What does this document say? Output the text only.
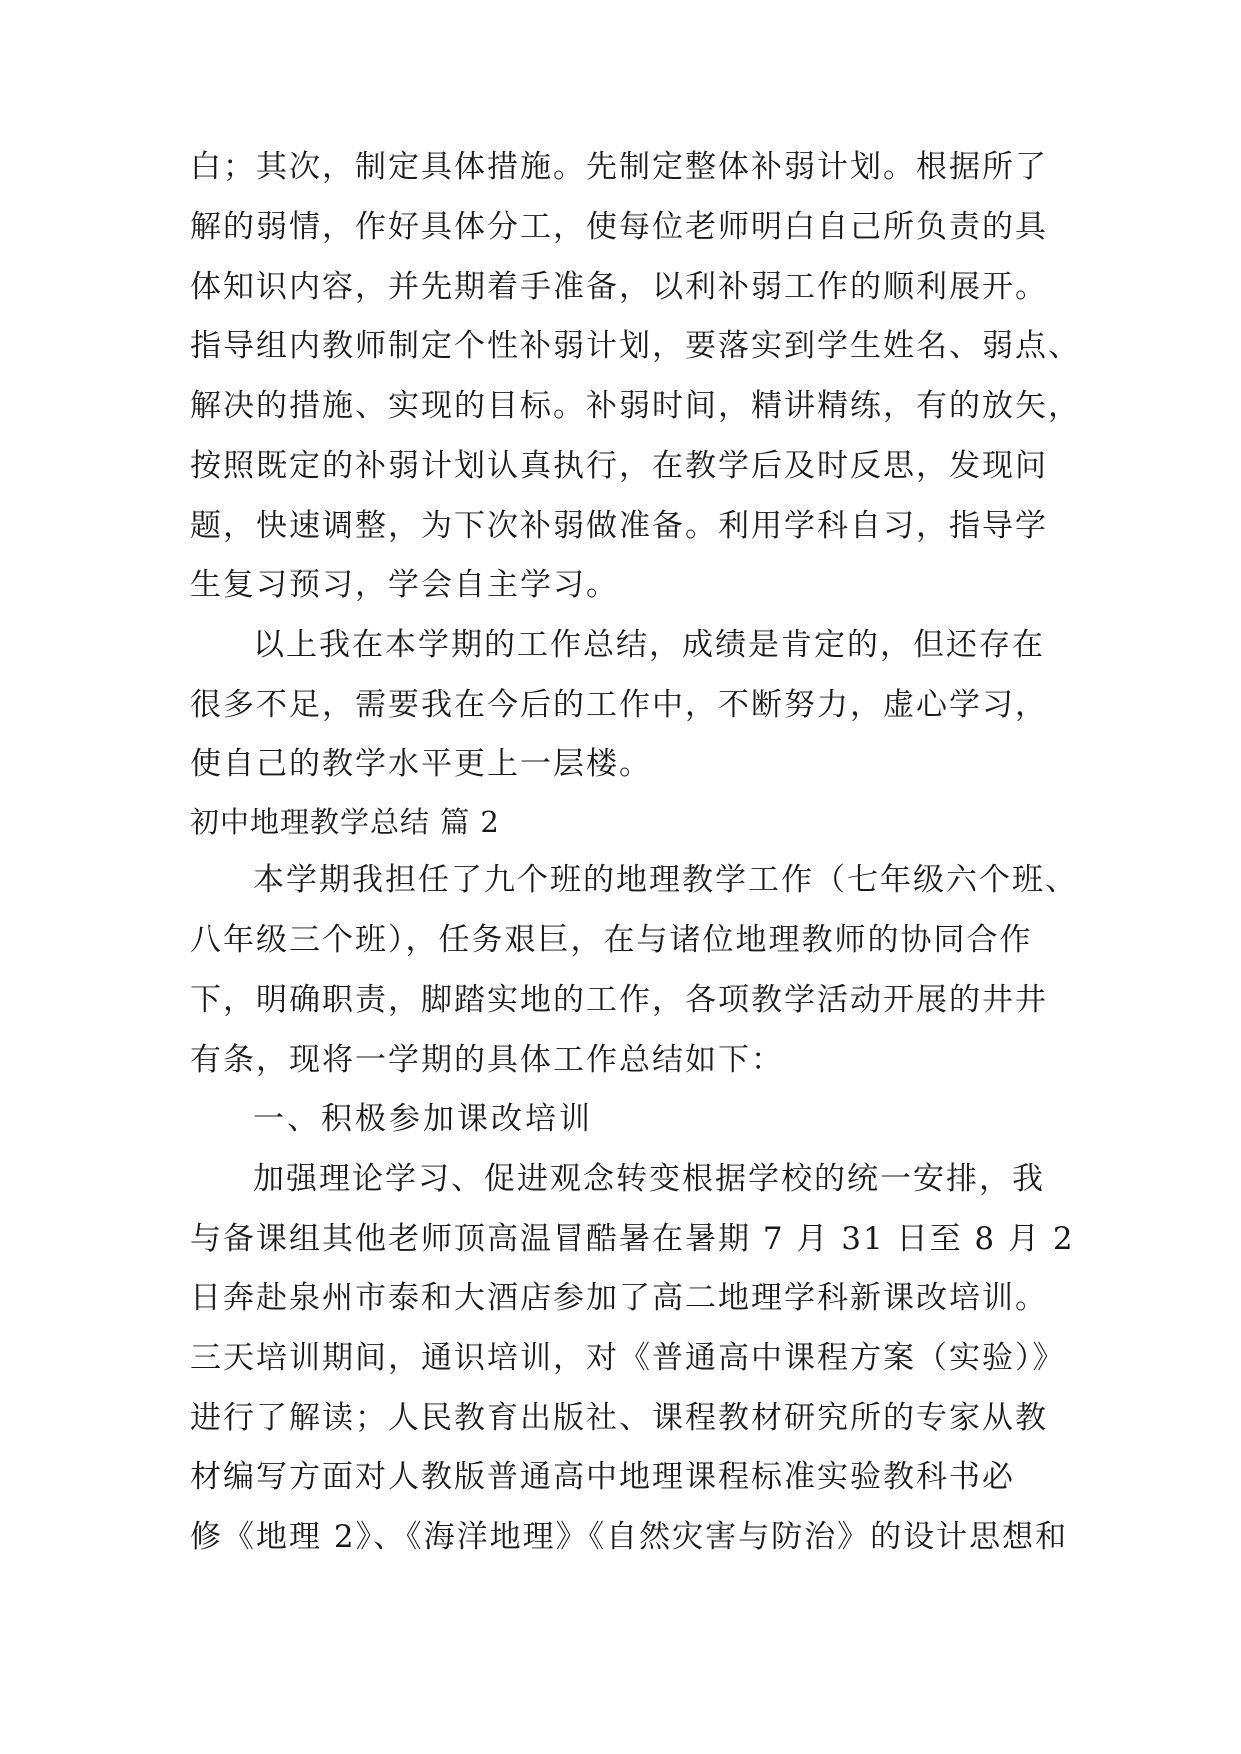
白；其次，制定具体措施。先制定整体补弱计划。根据所了
解的弱情，作好具体分工，使每位老师明白自己所负责的具
体知识内容，并先期着手准备，以利补弱工作的顺利展开。
指导组内教师制定个性补弱计划，要落实到学生姓名、弱点、
解决的措施、实现的目标。补弱时间，精讲精练，有的放矢，
按照既定的补弱计划认真执行，在教学后及时反思，发现问
题，快速调整，为下次补弱做准备。利用学科自习，指导学
生复习预习，学会自主学习。
以上我在本学期的工作总结，成绩是肯定的，但还存在
很多不足，需要我在今后的工作中，不断努力，虚心学习，
使自己的教学水平更上一层楼。
初中地理教学总结 篇 2
本学期我担任了九个班的地理教学工作（七年级六个班、
八年级三个班），任务艰巨，在与诸位地理教师的协同合作
下，明确职责，脚踏实地的工作，各项教学活动开展的井井
有条，现将一学期的具体工作总结如下：
一、积极参加课改培训
加强理论学习、促进观念转变根据学校的统一安排，我
与备课组其他老师顶高温冒酷暑在暑期 7 月 31 日至 8 月 2
日奔赴泉州市泰和大酒店参加了高二地理学科新课改培训。
三天培训期间，通识培训，对《普通高中课程方案（实验）》
进行了解读；人民教育出版社、课程教材研究所的专家从教
材编写方面对人教版普通高中地理课程标准实验教科书必
修《地理 2》、《海洋地理》《自然灾害与防治》的设计思想和
